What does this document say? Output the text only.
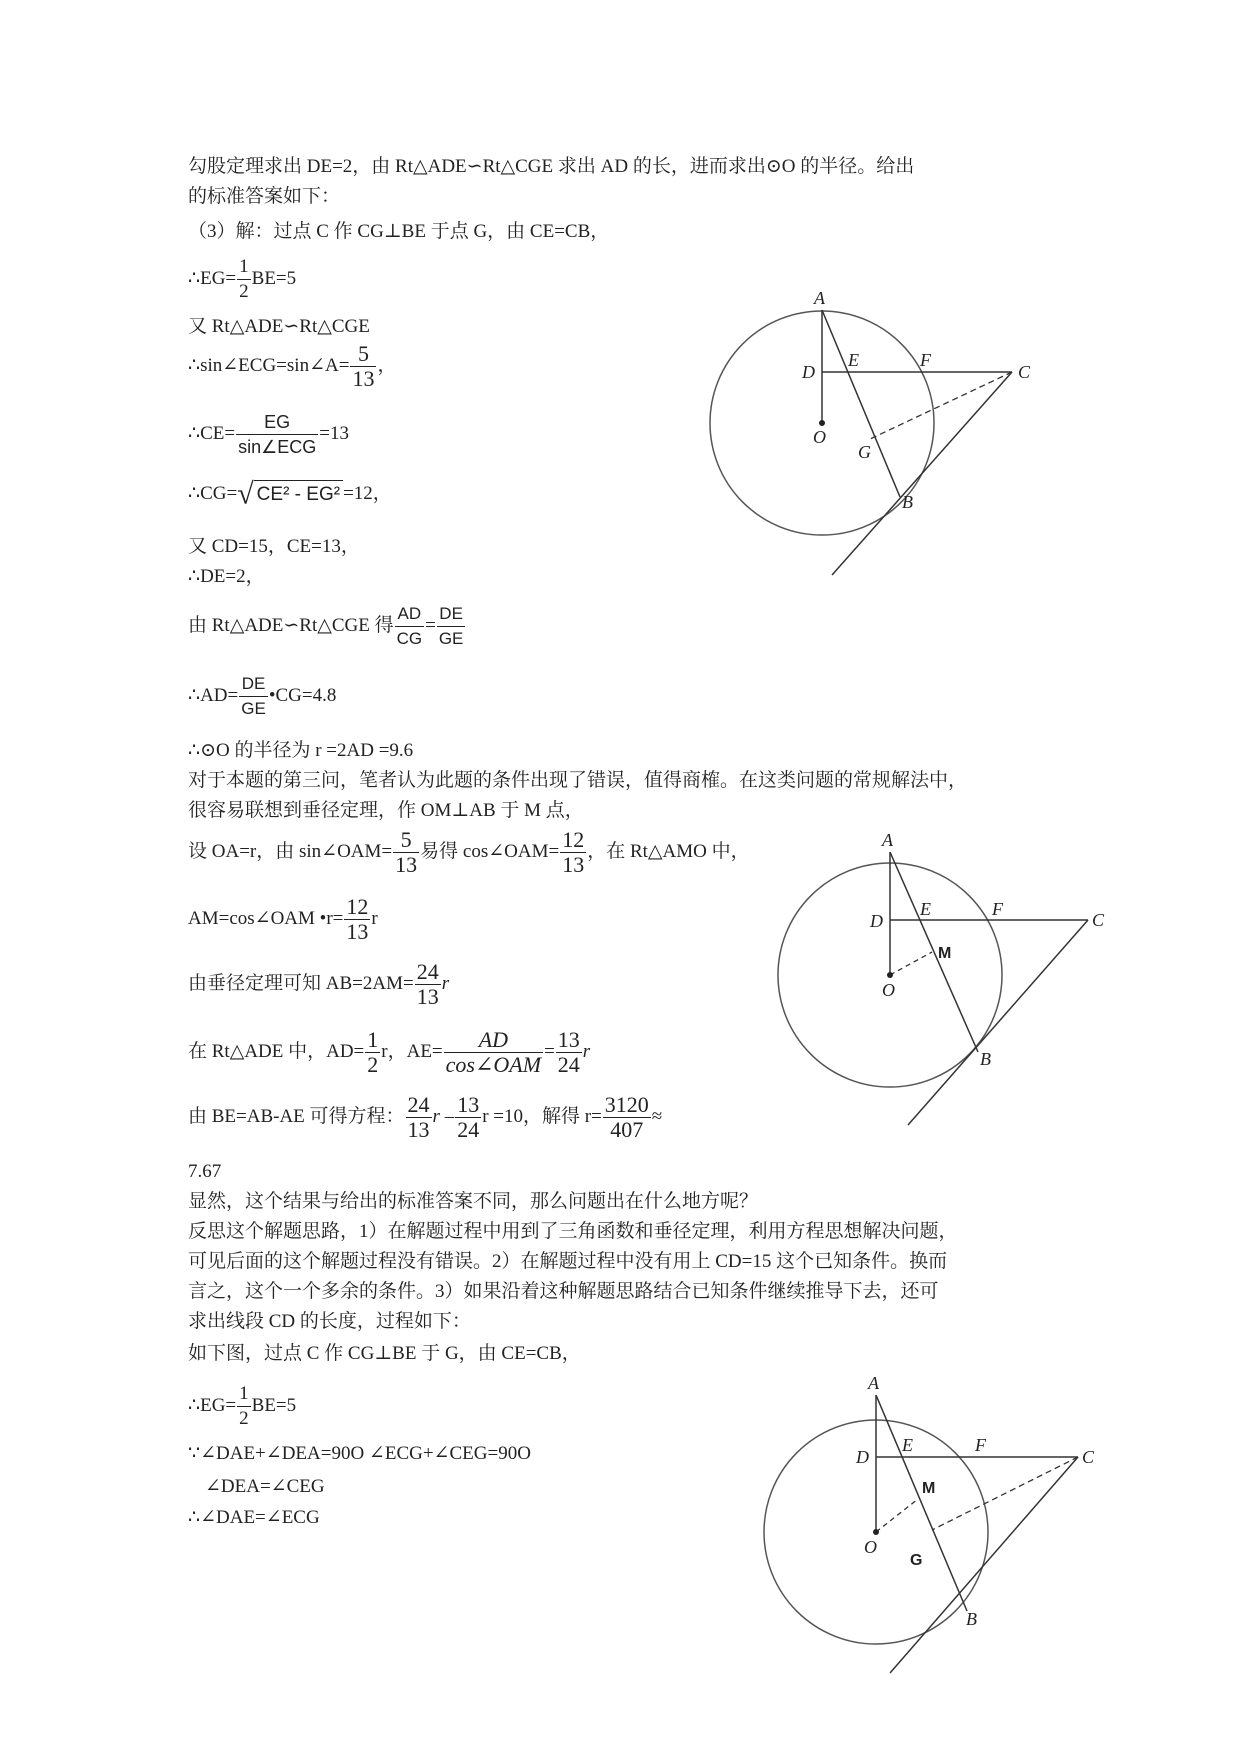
勾股定理求出 DE=2，由 Rt△ADE∽Rt△CGE 求出 AD 的长，进而求出⊙O 的半径。给出
的标准答案如下：
（3）解：过点 C 作 CG⊥BE 于点 G，由 CE=CB，
∴EG= $\frac{1}{2} BE=5$
又 Rt△ADE∽Rt△CGE
∴sin∠ECG=sin∠A= $\frac{5}{13}$ ，
∴CE= $\frac{EG}{\text{sin∠ECG}} =13$
∴CG=√ CE² - EG² =12，
又 CD=15，CE=13，
∴DE=2，
由 Rt△ADE∽Rt△CGE 得 $\frac{AD}{CG} = \frac{DE}{GE}$
∴AD= $\frac{DE}{GE}$ •CG=4.8
∴⊙O 的半径为 r =2AD =9.6
对于本题的第三问，笔者认为此题的条件出现了错误，值得商榷。在这类问题的常规解法中，
很容易联想到垂径定理，作 OM⊥AB 于 M 点，
设 OA=r，由 sin∠OAM= $\frac{5}{13}$ 易得 cos∠OAM= $\frac{12}{13}$ ，在 Rt△AMO 中，
AM=cos∠OAM •r= $\frac{12}{13}$ r
由垂径定理可知 $AB=2AM= \frac{24}{13}$ r
在 Rt△ADE 中，$AD= \frac{1}{2}$ r，$AE= \frac{AD}{\text{cos∠OAM}} = \frac{13}{24}$ r
由 BE=AB-AE 可得方程： $\frac{24}{13}$ r – $\frac{13}{24}$ r =10，解得 $r= \frac{3120}{407}$ ≈
7.67
显然，这个结果与给出的标准答案不同，那么问题出在什么地方呢？
反思这个解题思路，1）在解题过程中用到了三角函数和垂径定理，利用方程思想解决问题，
可见后面的这个解题过程没有错误。2）在解题过程中没有用上 CD=15 这个已知条件。换而
言之，这个一个多余的条件。3）如果沿着这种解题思路结合已知条件继续推导下去，还可
求出线段 CD 的长度，过程如下：
如下图，过点 C 作 CG⊥BE 于 G，由 CE=CB，
∴EG= $\frac{1}{2} BE=5$
∵∠DAE+∠DEA=90O ∠ECG+∠CEG=90O
∠DEA=∠CEG
∴∠DAE=∠ECG
A
D
E	F
C
O
G
B
A
D
E	F
C
M
O
B
A
D
E	F
C
M
O
G
B
